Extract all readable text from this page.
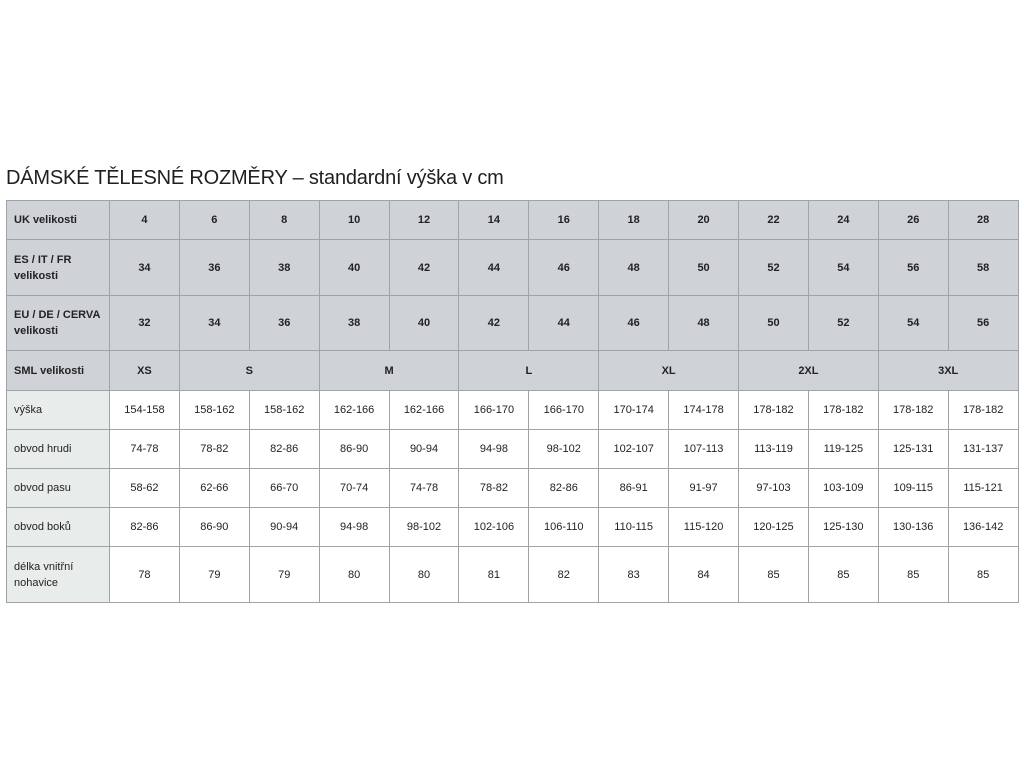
DÁMSKÉ TĚLESNÉ ROZMĚRY – standardní výška v cm
UK velikosti	4	6	8	10	12	14	16	18	20	22	24	26	28
ES / IT / FR
velikosti	34	36	38	40	42	44	46	48	50	52	54	56	58
EU / DE / CERVA
velikosti	32	34	36	38	40	42	44	46	48	50	52	54	56
SML velikosti	XS	S		M		L		XL		2XL		3XL	
výška	154-158	158-162	158-162	162-166	162-166	166-170	166-170	170-174	174-178	178-182	178-182	178-182	178-182
obvod hrudi	74-78	78-82	82-86	86-90	90-94	94-98	98-102	102-107	107-113	113-119	119-125	125-131	131-137
obvod pasu	58-62	62-66	66-70	70-74	74-78	78-82	82-86	86-91	91-97	97-103	103-109	109-115	115-121
obvod boků	82-86	86-90	90-94	94-98	98-102	102-106	106-110	110-115	115-120	120-125	125-130	130-136	136-142
délka vnitřní
nohavice	78	79	79	80	80	81	82	83	84	85	85	85	85
